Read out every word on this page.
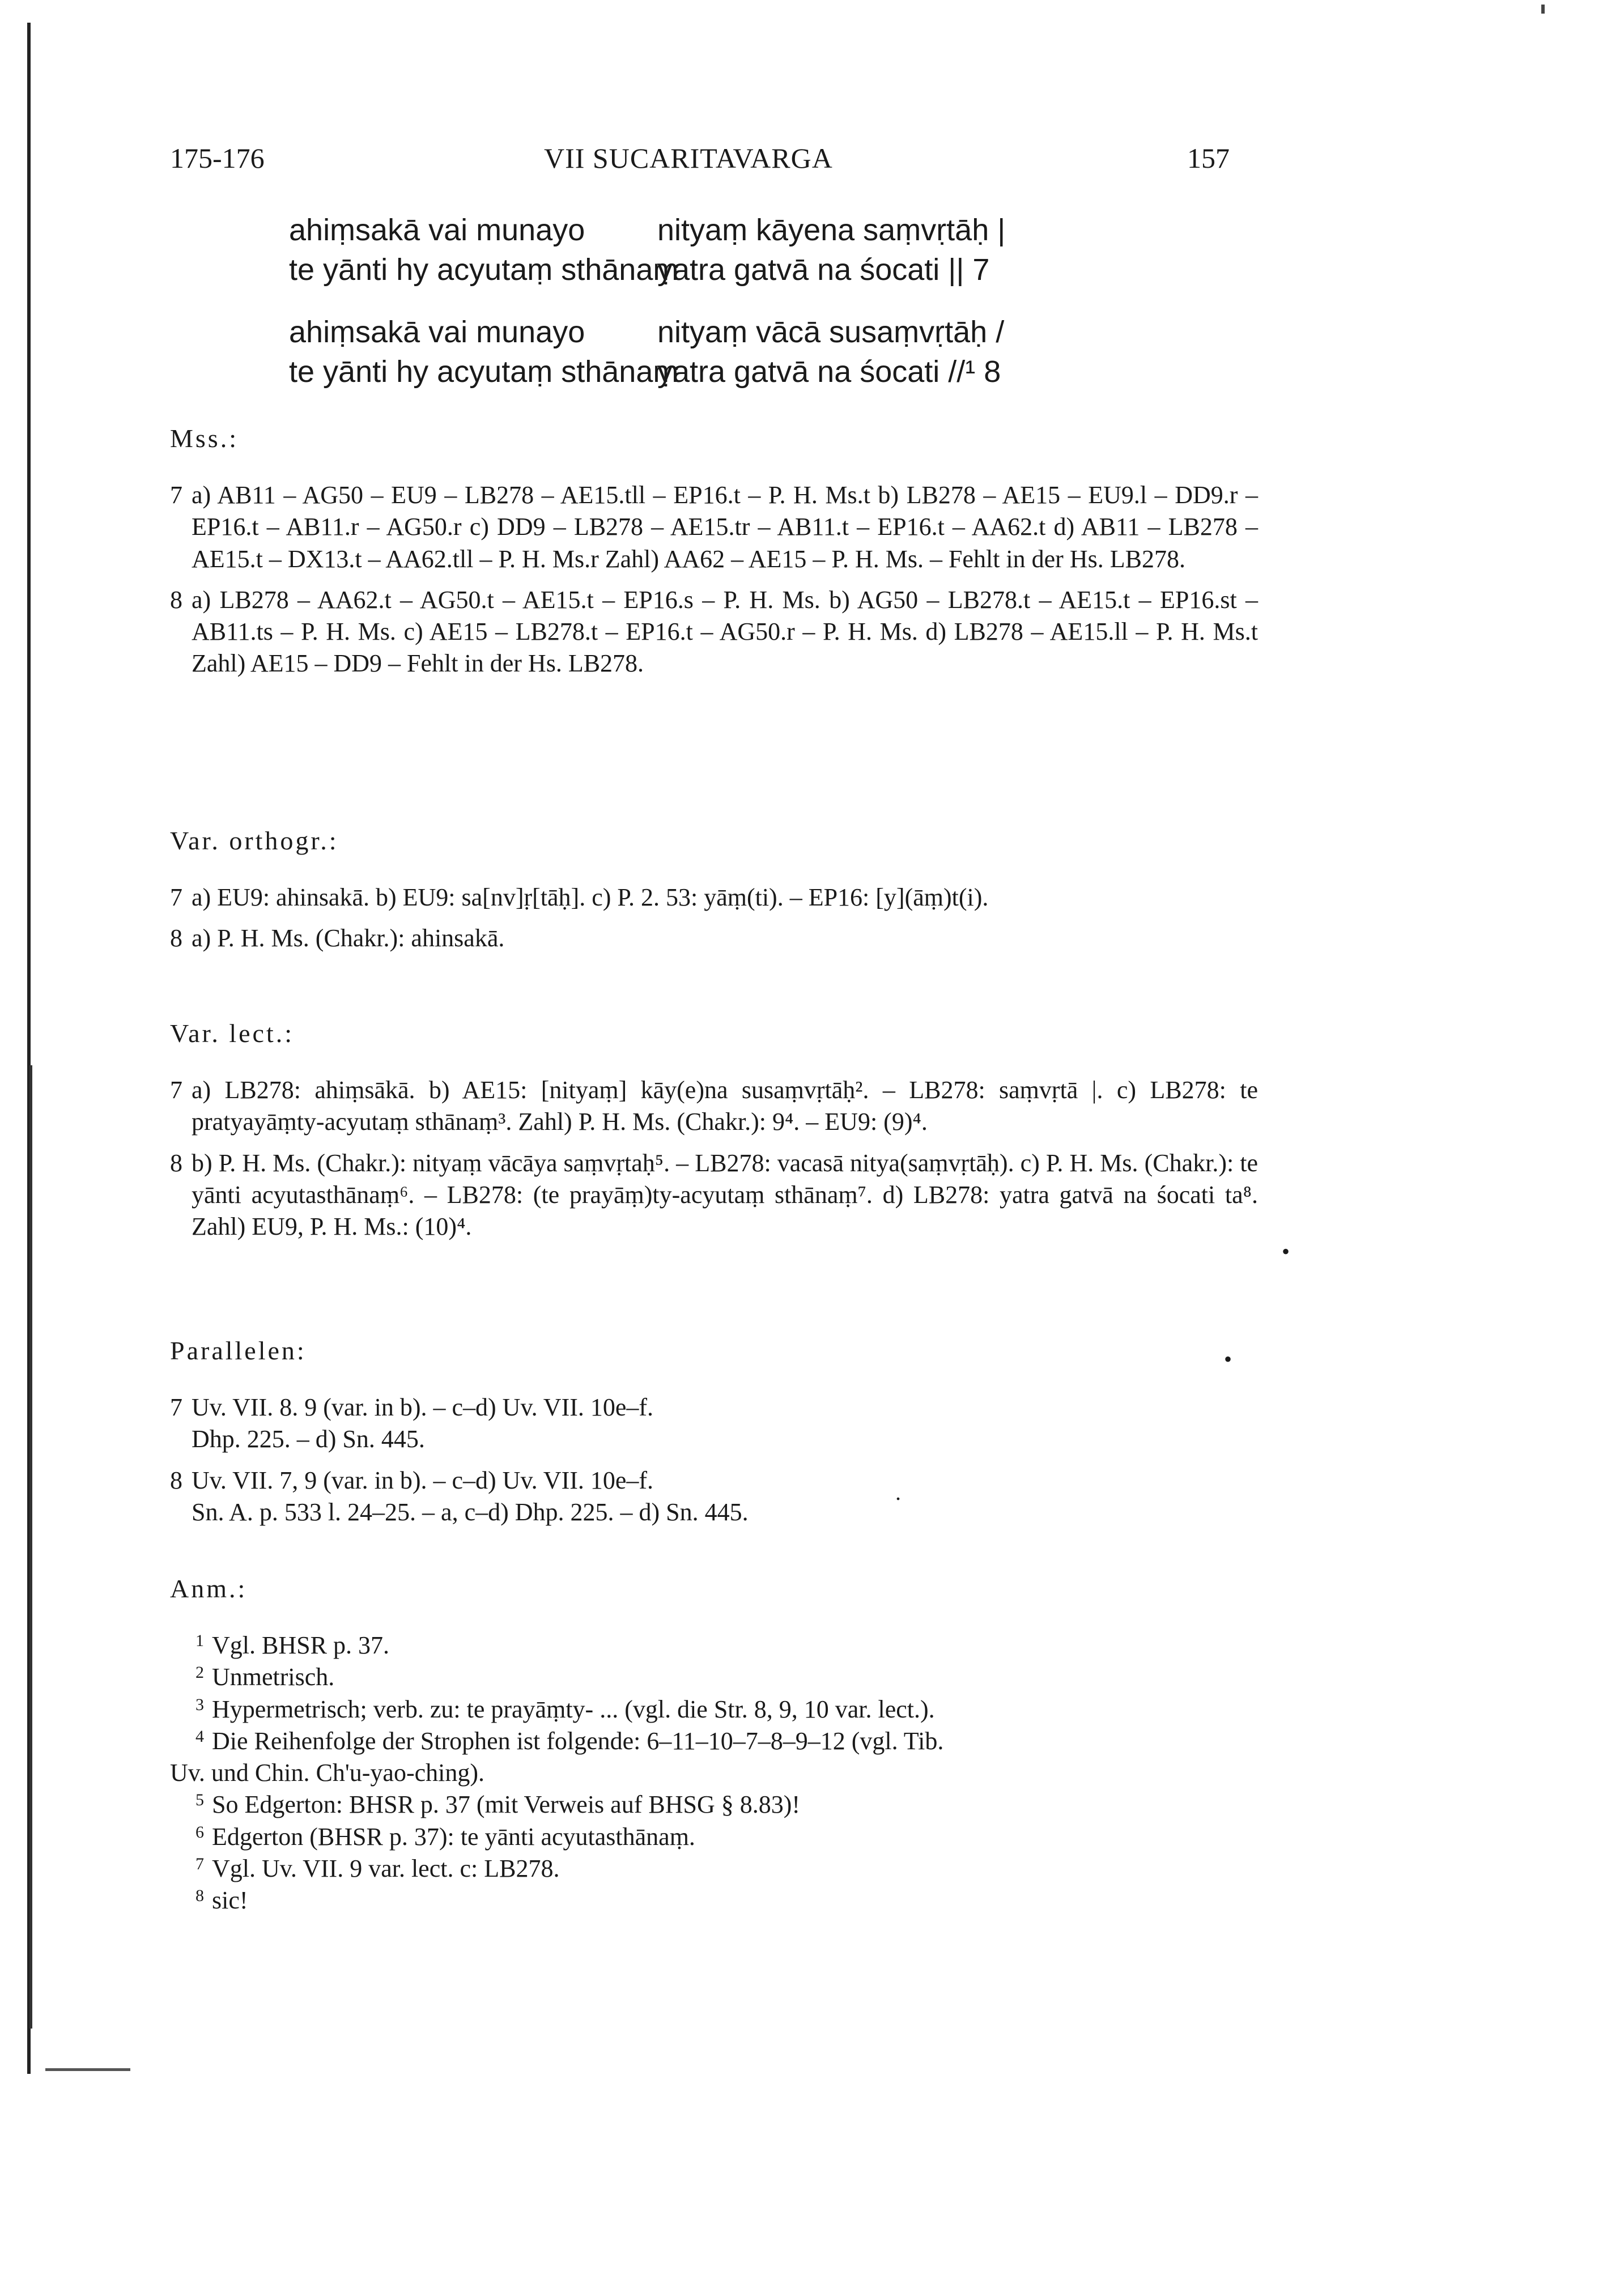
•
•
.
175-176	VII SUCARITAVARGA	157
ahiṃsakā vai munayo nityaṃ kāyena saṃvṛtāḥ |
te yānti hy acyutaṃ sthānaṃ
yatra gatvā na śocati || 7
ahiṃsakā vai munayo nityaṃ vācā susaṃvṛtāḥ /
te yānti hy acyutaṃ sthānaṃ
yatra gatvā na śocati //¹ 8
Mss.:
7 a) AB11 – AG50 – EU9 – LB278 – AE15.tll – EP16.t – P. H. Ms.t b) LB278 – AE15 – EU9.l – DD9.r – EP16.t – AB11.r – AG50.r c) DD9 – LB278 – AE15.tr – AB11.t – EP16.t – AA62.t d) AB11 – LB278 – AE15.t – DX13.t – AA62.tll – P. H. Ms.r Zahl) AA62 – AE15 – P. H. Ms. – Fehlt in der Hs. LB278.
8 a) LB278 – AA62.t – AG50.t – AE15.t – EP16.s – P. H. Ms. b) AG50 – LB278.t – AE15.t – EP16.st – AB11.ts – P. H. Ms. c) AE15 – LB278.t – EP16.t – AG50.r – P. H. Ms. d) LB278 – AE15.ll – P. H. Ms.t Zahl) AE15 – DD9 – Fehlt in der Hs. LB278.
Var. orthogr.:
7 a) EU9: ahinsakā. b) EU9: sa[nv]ṛ[tāḥ]. c) P. 2. 53: yāṃ(ti). – EP16: [y](āṃ)t(i).
8 a) P. H. Ms. (Chakr.): ahinsakā.
Var. lect.:
7 a) LB278: ahiṃsākā. b) AE15: [nityaṃ] kāy(e)na susaṃvṛtāḥ². – LB278: saṃvṛtā |. c) LB278: te pratyayāṃty-acyutaṃ sthānaṃ³. Zahl) P. H. Ms. (Chakr.): 9⁴. – EU9: (9)⁴.
8 b) P. H. Ms. (Chakr.): nityaṃ vācāya saṃvṛtaḥ⁵. – LB278: vacasā nitya(saṃvṛtāḥ). c) P. H. Ms. (Chakr.): te yānti acyutasthānaṃ⁶. – LB278: (te prayāṃ)ty-acyutaṃ sthānaṃ⁷. d) LB278: yatra gatvā na śocati ta⁸. Zahl) EU9, P. H. Ms.: (10)⁴.
Parallelen:
7 Uv. VII. 8. 9 (var. in b). – c–d) Uv. VII. 10e–f.
Dhp. 225. – d) Sn. 445.
8 Uv. VII. 7, 9 (var. in b). – c–d) Uv. VII. 10e–f.
Sn. A. p. 533 l. 24–25. – a, c–d) Dhp. 225. – d) Sn. 445.
Anm.:
1 Vgl. BHSR p. 37.
2 Unmetrisch.
3 Hypermetrisch; verb. zu: te prayāṃty- ... (vgl. die Str. 8, 9, 10 var. lect.).
4 Die Reihenfolge der Strophen ist folgende: 6–11–10–7–8–9–12 (vgl. Tib.
Uv. und Chin. Ch'u-yao-ching).
5 So Edgerton: BHSR p. 37 (mit Verweis auf BHSG § 8.83)!
6 Edgerton (BHSR p. 37): te yānti acyutasthānaṃ.
7 Vgl. Uv. VII. 9 var. lect. c: LB278.
8 sic!
